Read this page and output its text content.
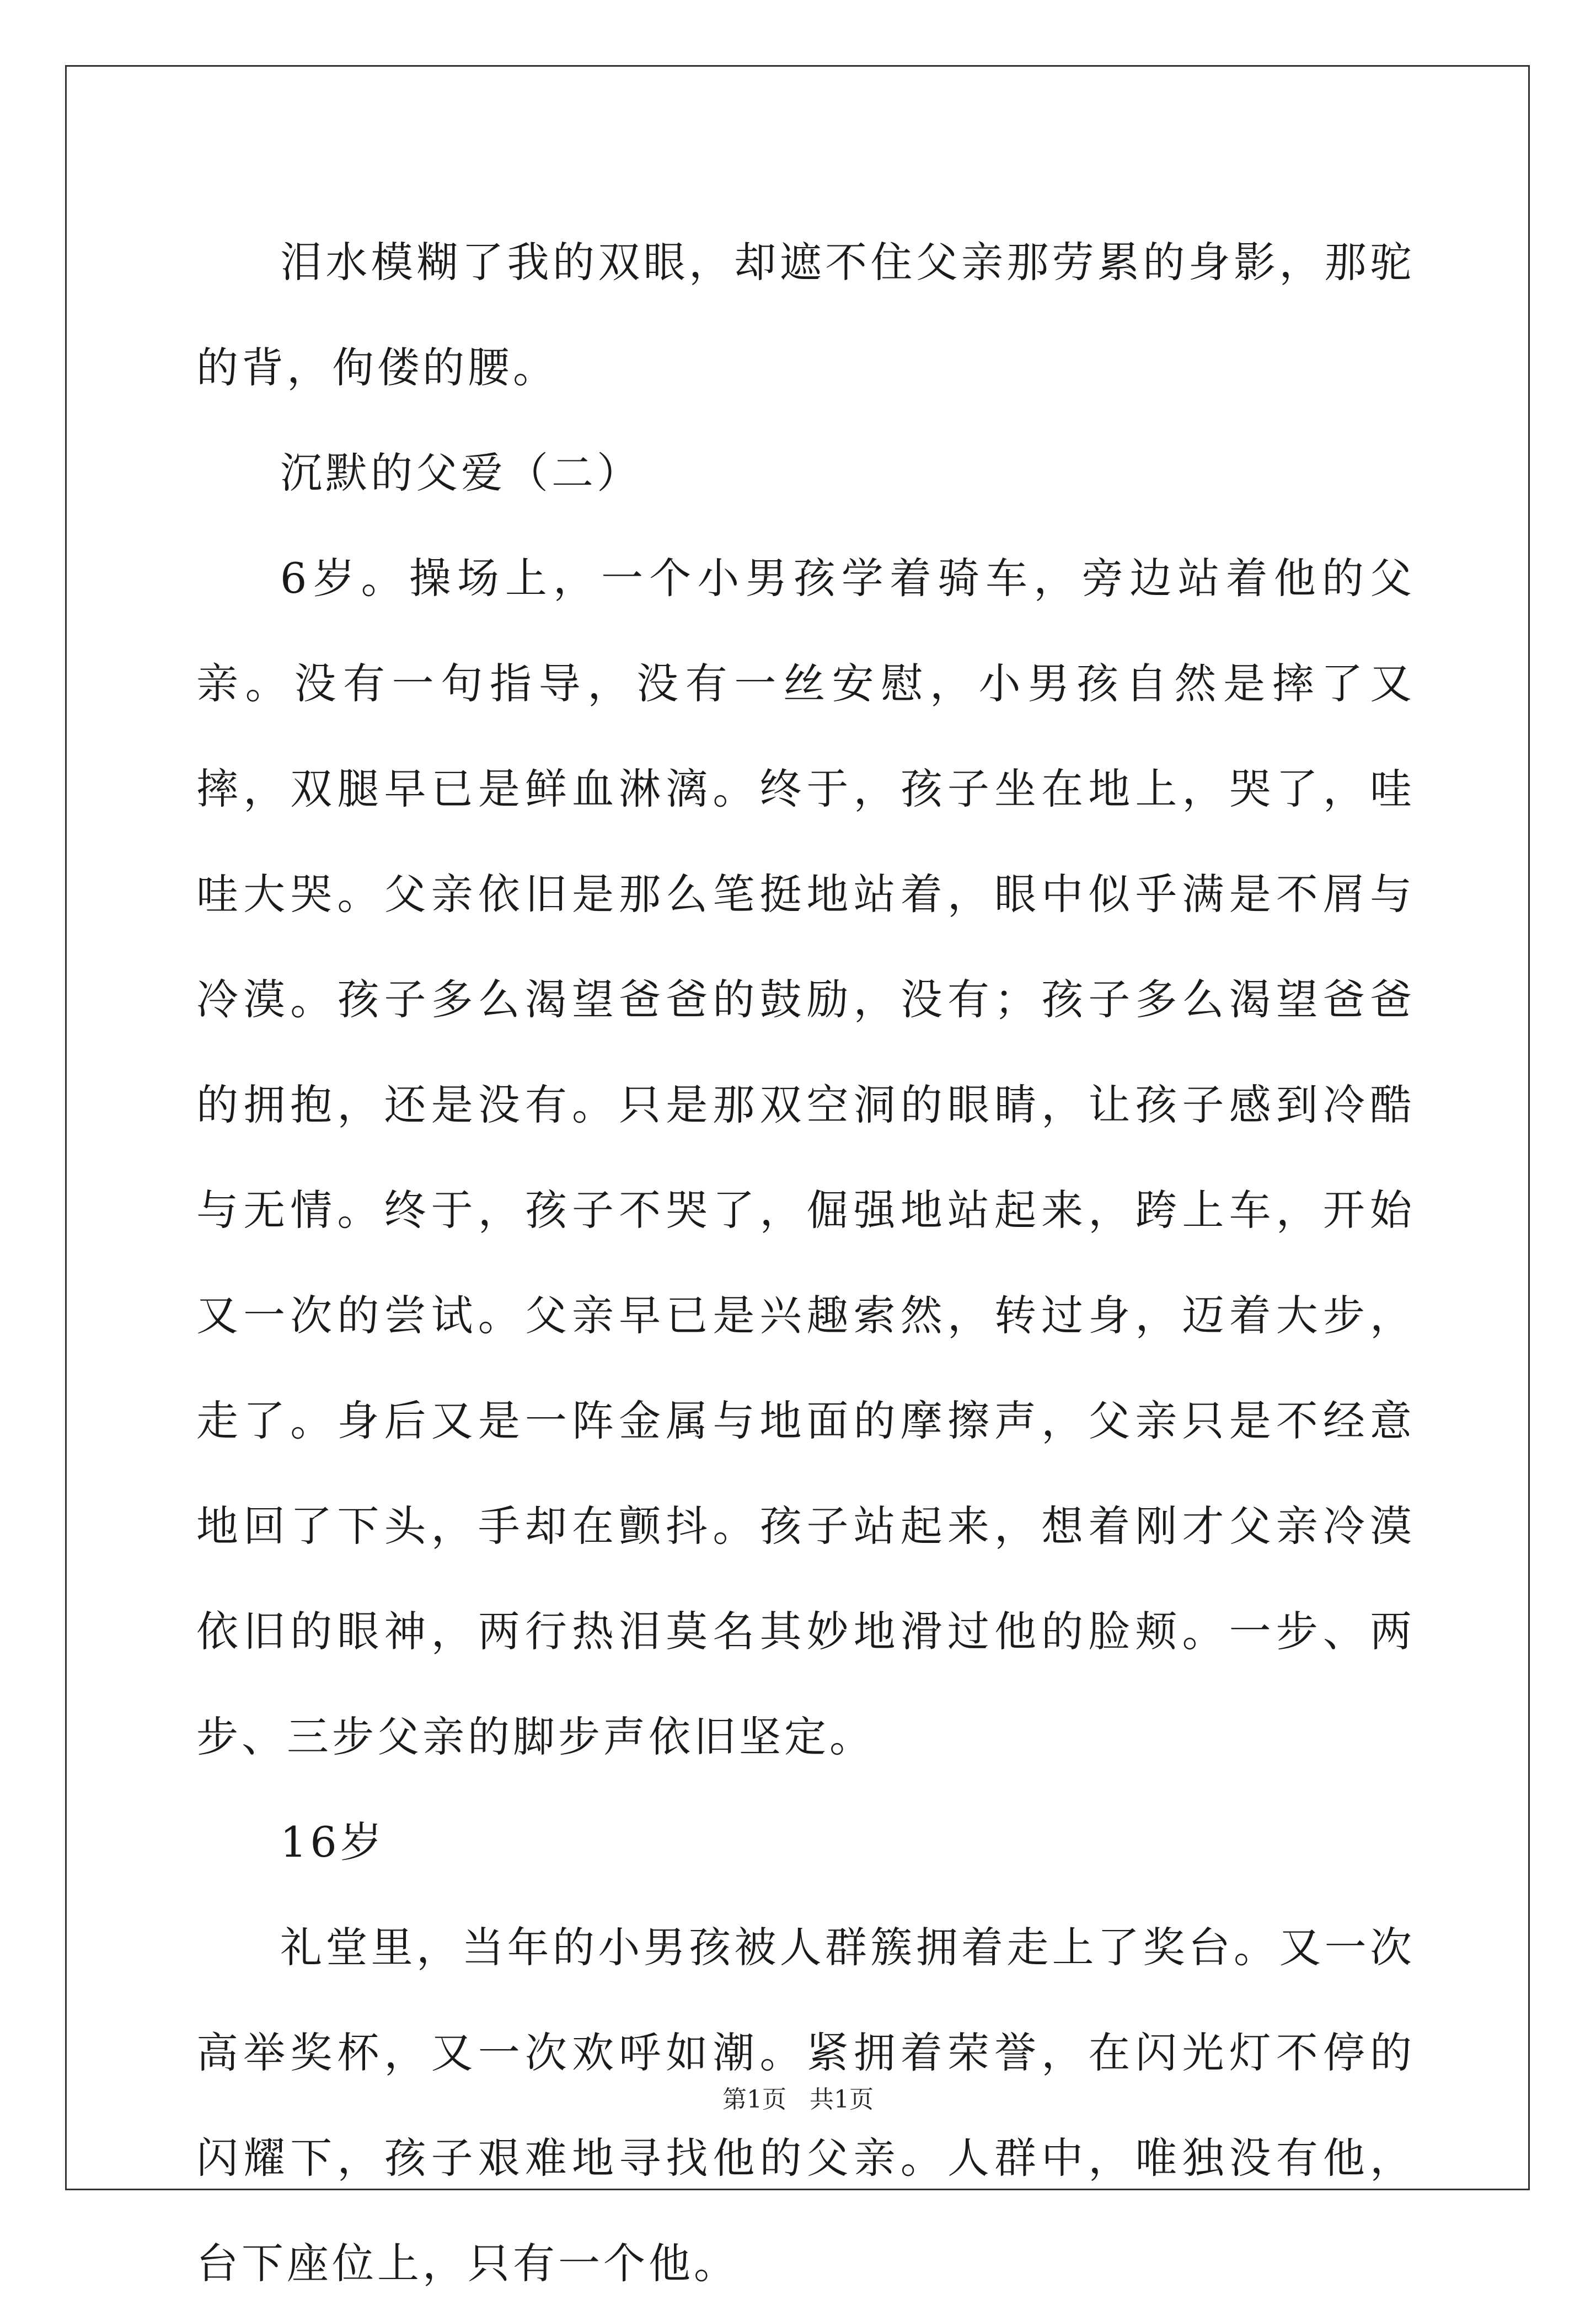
泪水模糊了我的双眼，却遮不住父亲那劳累的身影，那驼的背，佝偻的腰。

沉默的父爱（二）

6岁。操场上，一个小男孩学着骑车，旁边站着他的父亲。没有一句指导，没有一丝安慰，小男孩自然是摔了又摔，双腿早已是鲜血淋漓。终于，孩子坐在地上，哭了，哇哇大哭。父亲依旧是那么笔挺地站着，眼中似乎满是不屑与冷漠。孩子多么渴望爸爸的鼓励，没有；孩子多么渴望爸爸的拥抱，还是没有。只是那双空洞的眼睛，让孩子感到冷酷与无情。终于，孩子不哭了，倔强地站起来，跨上车，开始又一次的尝试。父亲早已是兴趣索然，转过身，迈着大步，走了。身后又是一阵金属与地面的摩擦声，父亲只是不经意地回了下头，手却在颤抖。孩子站起来，想着刚才父亲冷漠依旧的眼神，两行热泪莫名其妙地滑过他的脸颊。一步、两步、三步父亲的脚步声依旧坚定。

16岁

礼堂里，当年的小男孩被人群簇拥着走上了奖台。又一次高举奖杯，又一次欢呼如潮。紧拥着荣誉，在闪光灯不停的闪耀下，孩子艰难地寻找他的父亲。人群中，唯独没有他，台下座位上，只有一个他。

第1页 共1页
